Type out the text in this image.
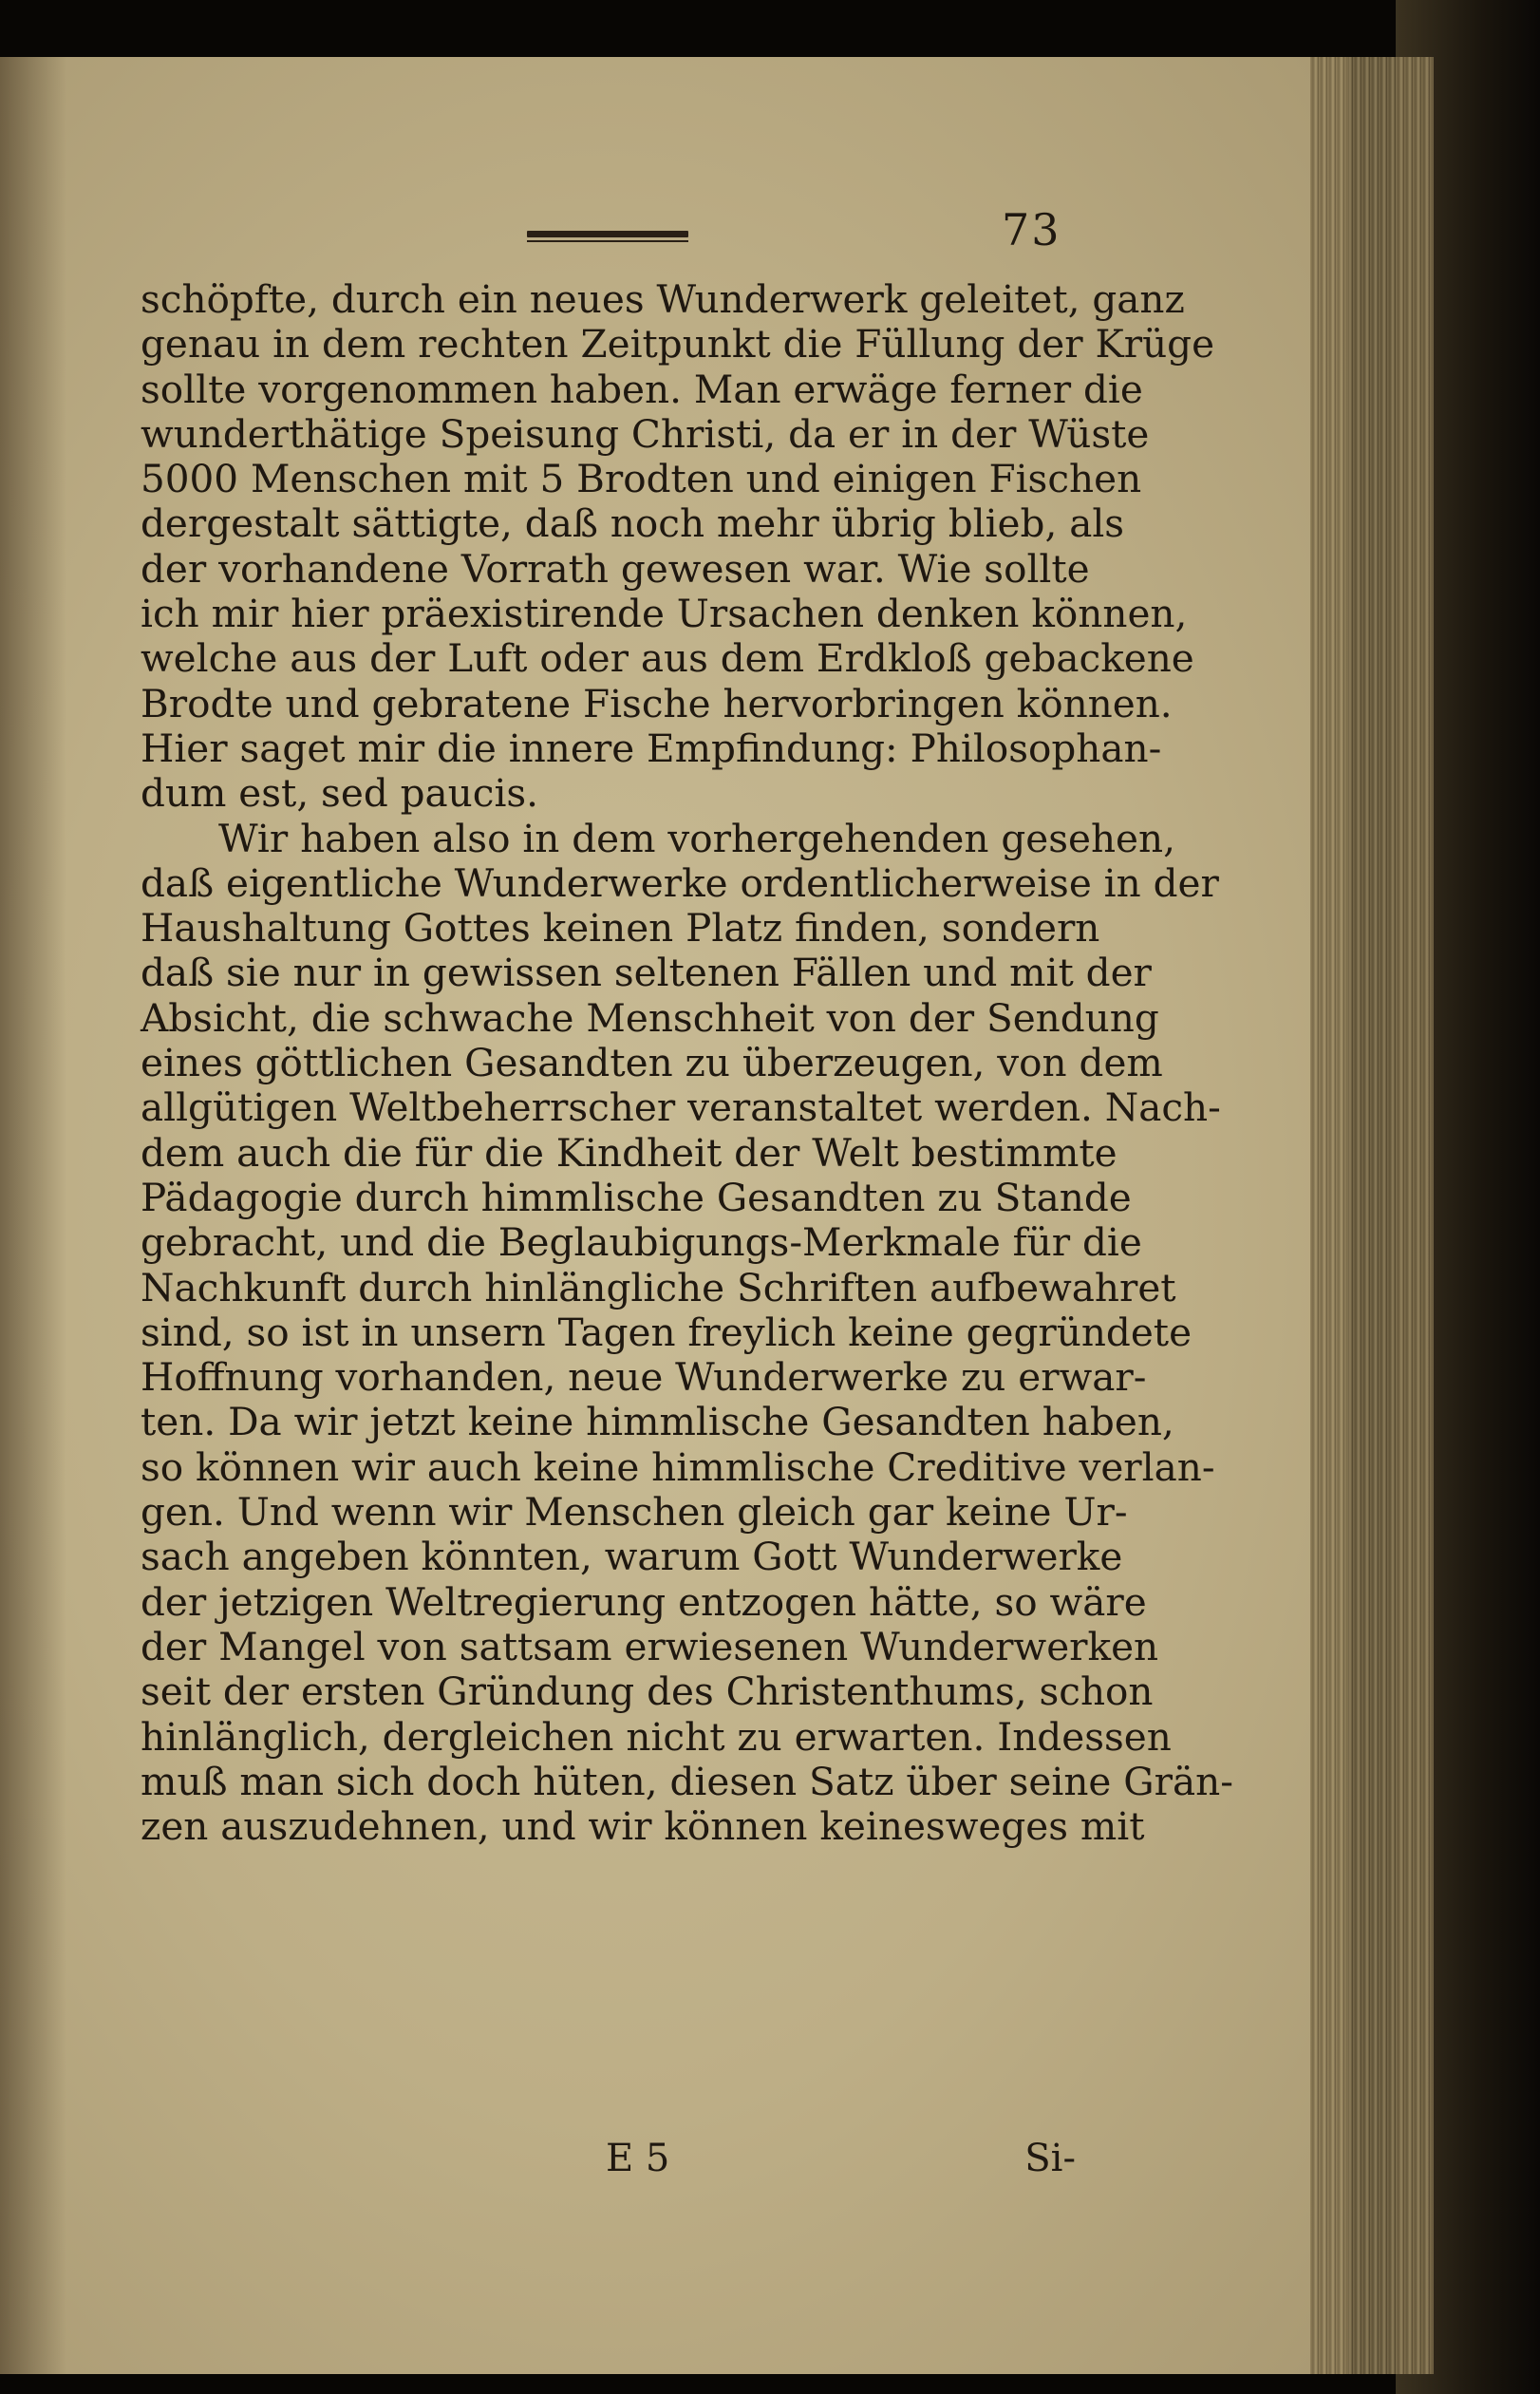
73
schöpfte, durch ein neues Wunderwerk geleitet, ganz
genau in dem rechten Zeitpunkt die Füllung der Krüge
sollte vorgenommen haben. Man erwäge ferner die
wunderthätige Speisung Christi, da er in der Wüste
5000 Menschen mit 5 Brodten und einigen Fischen
dergestalt sättigte, daß noch mehr übrig blieb, als
der vorhandene Vorrath gewesen war. Wie sollte
ich mir hier präexistirende Ursachen denken können,
welche aus der Luft oder aus dem Erdkloß gebackene
Brodte und gebratene Fische hervorbringen können.
Hier saget mir die innere Empfindung: Philosophan-
dum est, sed paucis.
Wir haben also in dem vorhergehenden gesehen,
daß eigentliche Wunderwerke ordentlicherweise in der
Haushaltung Gottes keinen Platz finden, sondern
daß sie nur in gewissen seltenen Fällen und mit der
Absicht, die schwache Menschheit von der Sendung
eines göttlichen Gesandten zu überzeugen, von dem
allgütigen Weltbeherrscher veranstaltet werden. Nach-
dem auch die für die Kindheit der Welt bestimmte
Pädagogie durch himmlische Gesandten zu Stande
gebracht, und die Beglaubigungs-Merkmale für die
Nachkunft durch hinlängliche Schriften aufbewahret
sind, so ist in unsern Tagen freylich keine gegründete
Hoffnung vorhanden, neue Wunderwerke zu erwar-
ten. Da wir jetzt keine himmlische Gesandten haben,
so können wir auch keine himmlische Creditive verlan-
gen. Und wenn wir Menschen gleich gar keine Ur-
sach angeben könnten, warum Gott Wunderwerke
der jetzigen Weltregierung entzogen hätte, so wäre
der Mangel von sattsam erwiesenen Wunderwerken
seit der ersten Gründung des Christenthums, schon
hinlänglich, dergleichen nicht zu erwarten. Indessen
muß man sich doch hüten, diesen Satz über seine Grän-
zen auszudehnen, und wir können keinesweges mit
E 5	Si-
